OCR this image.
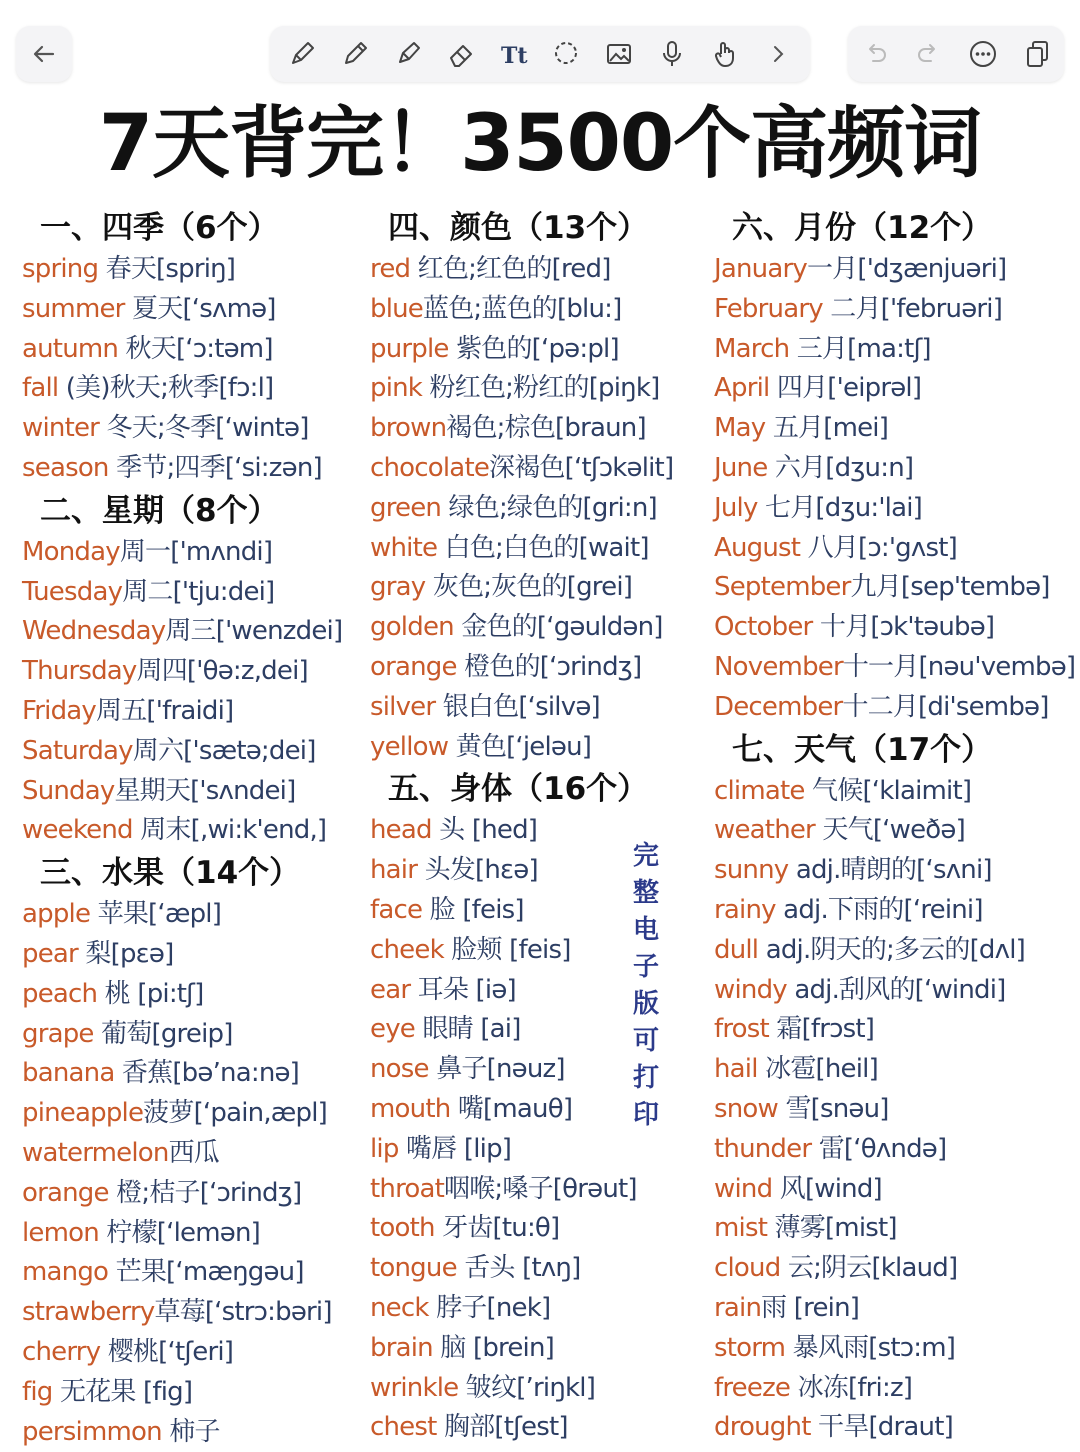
Tt
7天背完！3500个高频词
一、四季（6个）
spring 春天[spriŋ]
summer 夏天[‘sʌmə]
autumn 秋天[‘ɔ:təm]
fall (美)秋天;秋季[fɔ:l]
winter 冬天;冬季[‘wintə]
season 季节;四季[‘si:zən]
二、星期（8个）
Monday周一['mʌndi]
Tuesday周二['tju:dei]
Wednesday周三['wenzdei]
Thursday周四['θə:z,dei]
Friday周五['fraidi]
Saturday周六['sætə;dei]
Sunday星期天['sʌndei]
weekend 周末[,wi:k'end,]
三、水果（14个）
apple 苹果[‘æpl]
pear 梨[pεə]
peach 桃 [pi:tʃ]
grape 葡萄[greip]
banana 香蕉[bə’na:nə]
pineapple菠萝[‘pain,æpl]
watermelon西瓜
orange 橙;桔子[‘ɔrindʒ]
lemon 柠檬[‘lemən]
mango 芒果[‘mæŋgəu]
strawberry草莓[‘strɔ:bəri]
cherry 樱桃[‘tʃeri]
fig 无花果 [fig]
persimmon 柿子
四、颜色（13个）
red 红色;红色的[red]
blue蓝色;蓝色的[blu:]
purple 紫色的[‘pə:pl]
pink 粉红色;粉红的[piŋk]
brown褐色;棕色[braun]
chocolate深褐色[‘tʃɔkəlit]
green 绿色;绿色的[gri:n]
white 白色;白色的[wait]
gray 灰色;灰色的[grei]
golden 金色的[‘gəuldən]
orange 橙色的[‘ɔrindʒ]
silver 银白色[‘silvə]
yellow 黄色[‘jeləu]
五、身体（16个）
head 头 [hed]
hair 头发[hεə]
face 脸 [feis]
cheek 脸颊 [feis]
ear 耳朵 [iə]
eye 眼睛 [ai]
nose 鼻子[nəuz]
mouth 嘴[mauθ]
lip 嘴唇 [lip]
throat咽喉;嗓子[θrəut]
tooth 牙齿[tu:θ]
tongue 舌头 [tʌŋ]
neck 脖子[nek]
brain 脑 [brein]
wrinkle 皱纹[’riŋkl]
chest 胸部[tʃest]
六、月份（12个）
January一月['dʒænjuəri]
February 二月['februəri]
March 三月[ma:tʃ]
April 四月['eiprəl]
May 五月[mei]
June 六月[dʒu:n]
July 七月[dʒu:'lai]
August 八月[ɔ:'gʌst]
September九月[sep'tembə]
October 十月[ɔk'təubə]
November十一月[nəu'vembə]
December十二月[di'sembə]
七、天气（17个）
climate 气候[‘klaimit]
weather 天气[‘weðə]
sunny adj.晴朗的[‘sʌni]
rainy adj.下雨的[‘reini]
dull adj.阴天的;多云的[dʌl]
windy adj.刮风的[‘windi]
frost 霜[frɔst]
hail 冰雹[heil]
snow 雪[snəu]
thunder 雷[‘θʌndə]
wind 风[wind]
mist 薄雾[mist]
cloud 云;阴云[klaud]
rain雨 [rein]
storm 暴风雨[stɔ:m]
freeze 冰冻[fri:z]
drought 干旱[draut]
完整电子版可打印
